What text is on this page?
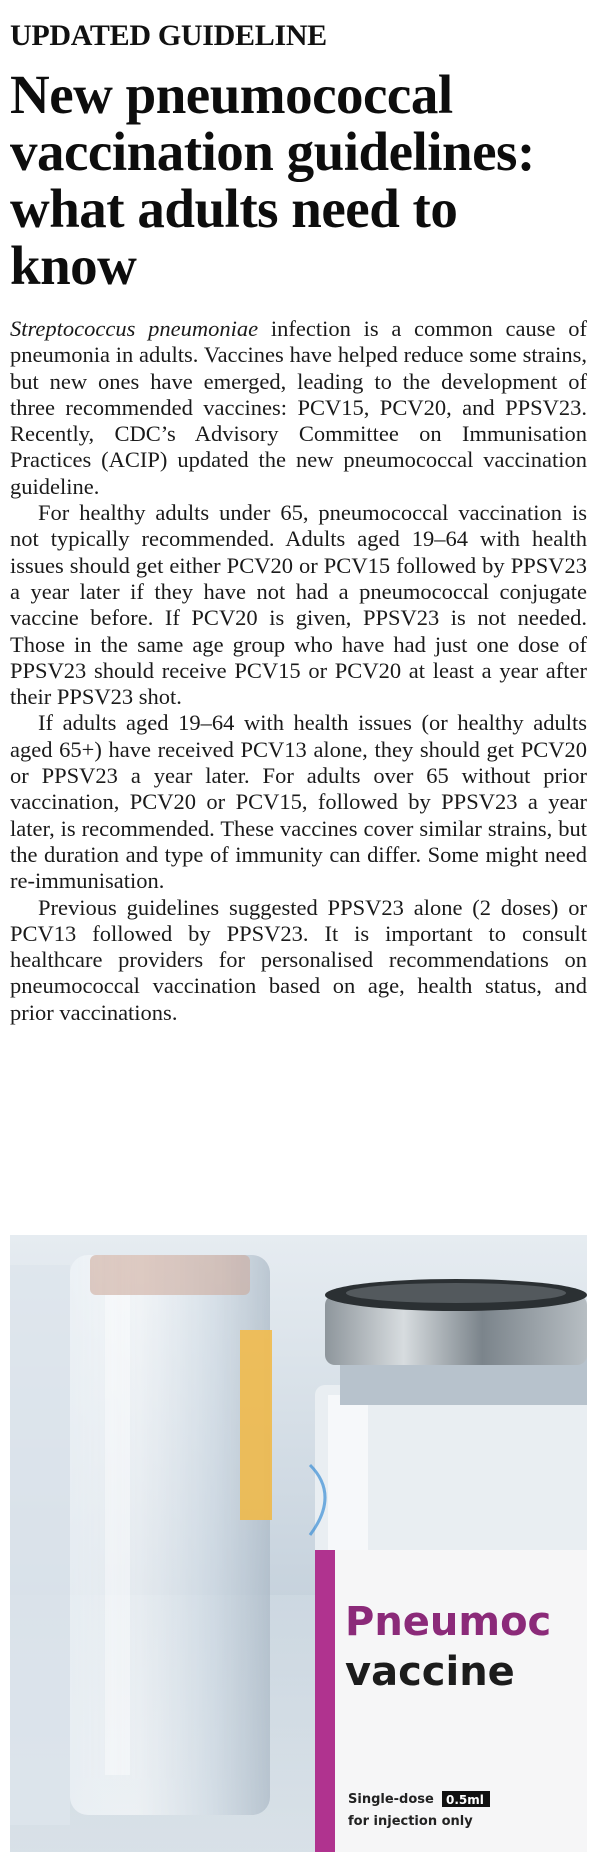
UPDATED GUIDELINE
New pneumococcal vaccination guidelines: what adults need to know

Streptococcus pneumoniae infection is a common cause of pneumonia in adults. Vaccines have helped reduce some strains, but new ones have emerged, leading to the development of three recommended vaccines: PCV15, PCV20, and PPSV23. Recently, CDC’s Advisory Committee on Immunisation Practices (ACIP) updated the new pneumococcal vaccination guideline.

For healthy adults under 65, pneumococcal vaccination is not typically recommended. Adults aged 19–64 with health issues should get either PCV20 or PCV15 followed by PPSV23 a year later if they have not had a pneumococcal conjugate vaccine before. If PCV20 is given, PPSV23 is not needed. Those in the same age group who have had just one dose of PPSV23 should receive PCV15 or PCV20 at least a year after their PPSV23 shot.

If adults aged 19–64 with health issues (or healthy adults aged 65+) have received PCV13 alone, they should get PCV20 or PPSV23 a year later. For adults over 65 without prior vaccination, PCV20 or PCV15, followed by PPSV23 a year later, is recommended. These vaccines cover similar strains, but the duration and type of immunity can differ. Some might need re-immunisation.

Previous guidelines suggested PPSV23 alone (2 doses) or PCV13 followed by PPSV23. It is important to consult healthcare providers for personalised recommendations on pneumococcal vaccination based on age, health status, and prior vaccinations.

Pneumoc
vaccine
Single-dose 0.5ml
for injection only
